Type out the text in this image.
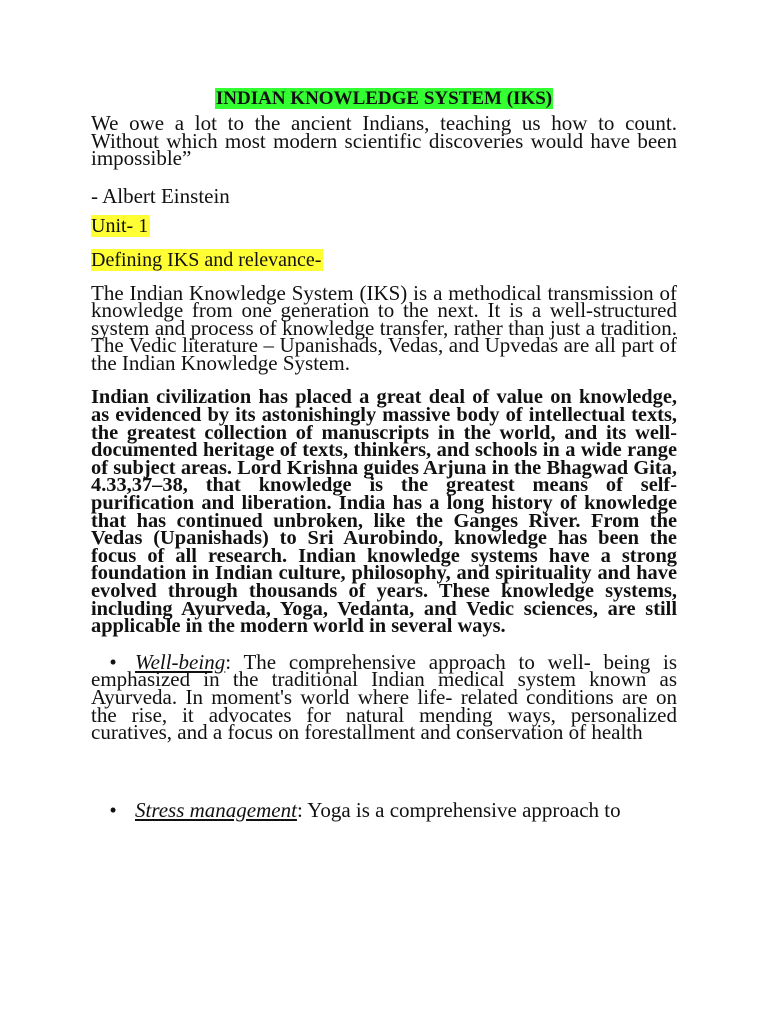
INDIAN KNOWLEDGE SYSTEM (IKS)

We owe a lot to the ancient Indians, teaching us how to count. Without which most modern scientific discoveries would have been impossible”

- Albert Einstein

Unit- 1

Defining IKS and relevance-

The Indian Knowledge System (IKS) is a methodical transmission of knowledge from one generation to the next. It is a well-structured system and process of knowledge transfer, rather than just a tradition. The Vedic literature – Upanishads, Vedas, and Upvedas are all part of the Indian Knowledge System.

Indian civilization has placed a great deal of value on knowledge, as evidenced by its astonishingly massive body of intellectual texts, the greatest collection of manuscripts in the world, and its well-documented heritage of texts, thinkers, and schools in a wide range of subject areas. Lord Krishna guides Arjuna in the Bhagwad Gita, 4.33,37–38, that knowledge is the greatest means of self-purification and liberation. India has a long history of knowledge that has continued unbroken, like the Ganges River. From the Vedas (Upanishads) to Sri Aurobindo, knowledge has been the focus of all research. Indian knowledge systems have a strong foundation in Indian culture, philosophy, and spirituality and have evolved through thousands of years. These knowledge systems, including Ayurveda, Yoga, Vedanta, and Vedic sciences, are still applicable in the modern world in several ways.

• Well-being: The comprehensive approach to well- being is emphasized in the traditional Indian medical system known as Ayurveda. In moment's world where life- related conditions are on the rise, it advocates for natural mending ways, personalized curatives, and a focus on forestallment and conservation of health

• Stress management: Yoga is a comprehensive approach to
